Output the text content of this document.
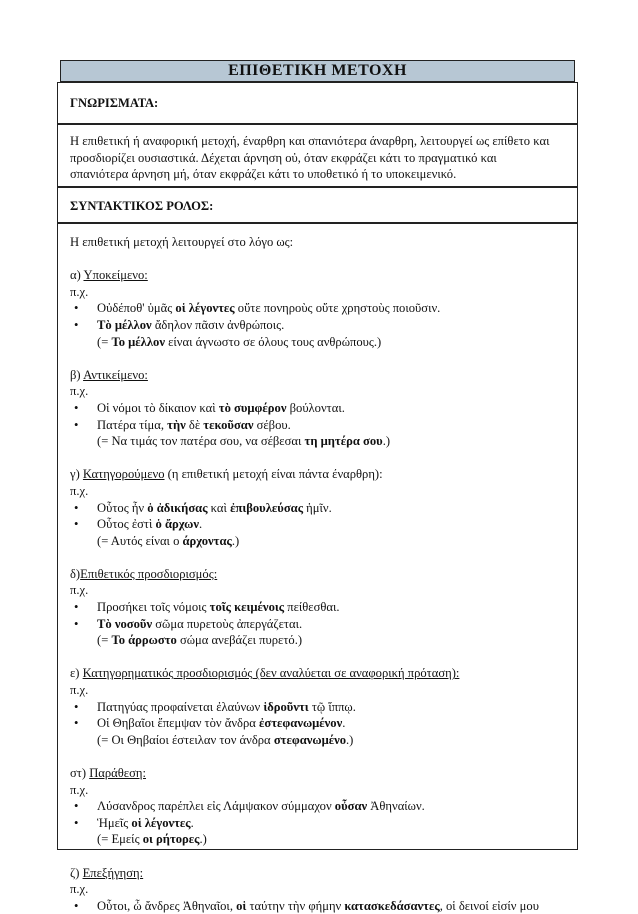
ΕΠΙΘΕΤΙΚΗ ΜΕΤΟΧΗ
ΓΝΩΡΙΣΜΑΤΑ:
Η επιθετική ή αναφορική μετοχή, έναρθρη και σπανιότερα άναρθρη, λειτουργεί ως επίθετο και
προσδιορίζει ουσιαστικά. Δέχεται άρνηση οὐ, όταν εκφράζει κάτι το πραγματικό και
σπανιότερα άρνηση μή, όταν εκφράζει κάτι το υποθετικό ή το υποκειμενικό.
ΣΥΝΤΑΚΤΙΚΟΣ ΡΟΛΟΣ:
Η επιθετική μετοχή λειτουργεί στο λόγο ως:
α) Υποκείμενο:
π.χ.
• Οὐδέποθ' ὑμᾶς οἱ λέγοντες οὔτε πονηροὺς οὔτε χρηστοὺς ποιοῦσιν.
• Τὸ μέλλον ἄδηλον πᾶσιν ἀνθρώποις.
(= Το μέλλον είναι άγνωστο σε όλους τους ανθρώπους.)
β) Αντικείμενο:
π.χ.
• Οἱ νόμοι τὸ δίκαιον καὶ τὸ συμφέρον βούλονται.
• Πατέρα τίμα, τὴν δὲ τεκοῦσαν σέβου.
(= Να τιμάς τον πατέρα σου, να σέβεσαι τη μητέρα σου.)
γ) Κατηγορούμενο (η επιθετική μετοχή είναι πάντα έναρθρη):
π.χ.
• Οὗτος ἦν ὁ ἀδικήσας καὶ ἐπιβουλεύσας ἡμῖν.
• Οὗτος ἐστὶ ὁ ἄρχων.
(= Αυτός είναι ο άρχοντας.)
δ)Επιθετικός προσδιορισμός:
π.χ.
• Προσήκει τοῖς νόμοις τοῖς κειμένοις πείθεσθαι.
• Τὸ νοσοῦν σῶμα πυρετοὺς ἀπεργάζεται.
(= Το άρρωστο σώμα ανεβάζει πυρετό.)
ε) Κατηγορηματικός προσδιορισμός (δεν αναλύεται σε αναφορική πρόταση):
π.χ.
• Πατηγύας προφαίνεται ἐλαύνων ἱδροῦντι τῷ ἵππῳ.
• Οἱ Θηβαῖοι ἔπεμψαν τὸν ἄνδρα ἐστεφανωμένον.
(= Οι Θηβαίοι έστειλαν τον άνδρα στεφανωμένο.)
στ) Παράθεση:
π.χ.
• Λύσανδρος παρέπλει εἰς Λάμψακον σύμμαχον οὖσαν Ἀθηναίων.
• Ἡμεῖς οἱ λέγοντες.
(= Εμείς οι ρήτορες.)
ζ) Επεξήγηση:
π.χ.
• Οὗτοι, ὦ ἄνδρες Ἀθηναῖοι, οἱ ταύτην τὴν φήμην κατασκεδάσαντες, οἱ δεινοί εἰσίν μου
